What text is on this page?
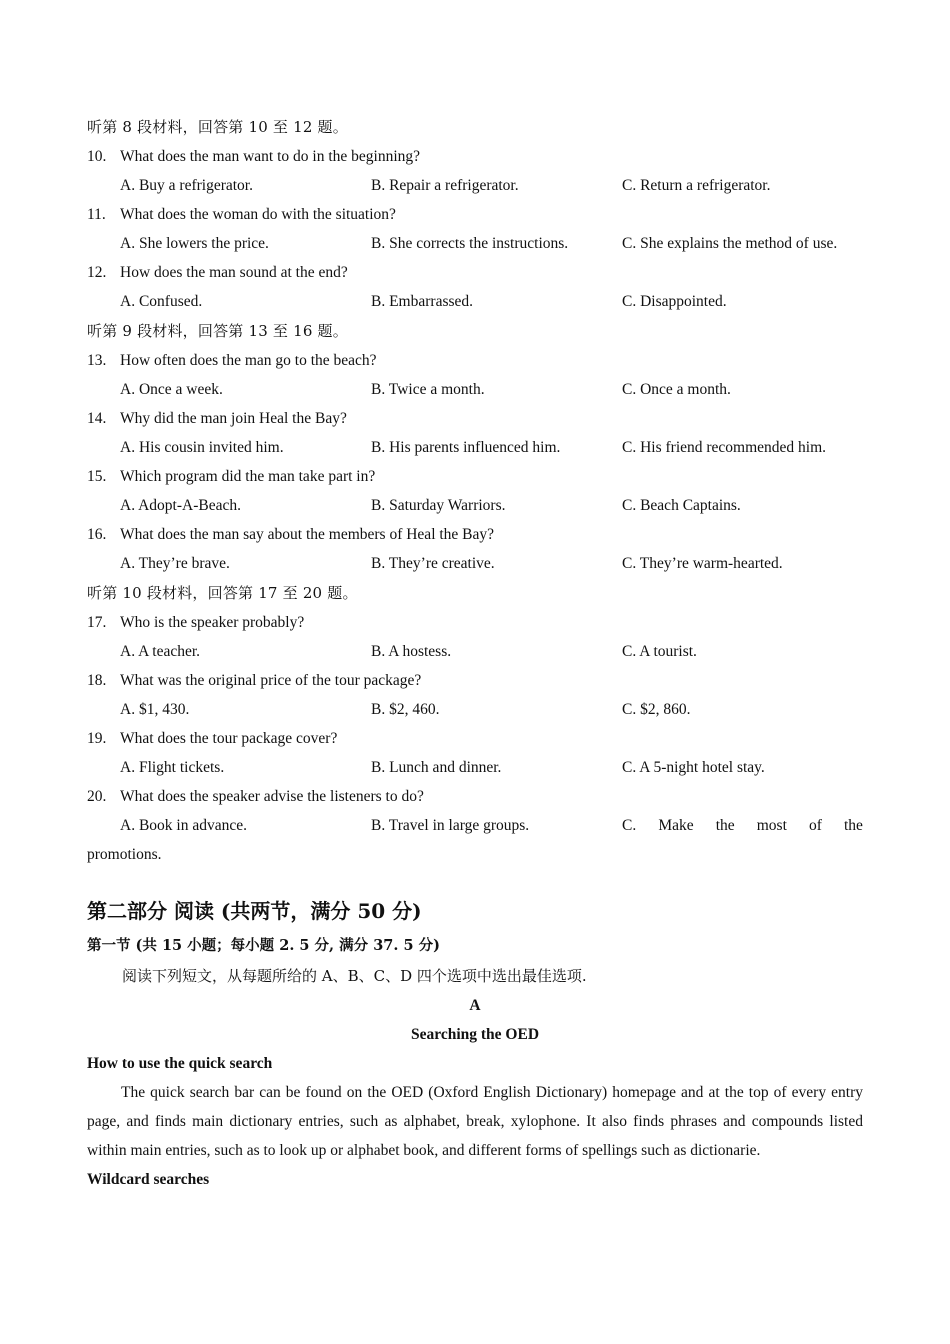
听第 8 段材料，回答第 10 至 12 题。
10. What does the man want to do in the beginning?
A. Buy a refrigerator.	B. Repair a refrigerator.	C. Return a refrigerator.
11. What does the woman do with the situation?
A. She lowers the price.	B. She corrects the instructions.	C. She explains the method of use.
12. How does the man sound at the end?
A. Confused.	B. Embarrassed.	C. Disappointed.
听第 9 段材料，回答第 13 至 16 题。
13. How often does the man go to the beach?
A. Once a week.	B. Twice a month.	C. Once a month.
14. Why did the man join Heal the Bay?
A. His cousin invited him.	B. His parents influenced him.	C. His friend recommended him.
15. Which program did the man take part in?
A. Adopt-A-Beach.	B. Saturday Warriors.	C. Beach Captains.
16. What does the man say about the members of Heal the Bay?
A. They’re brave.	B. They’re creative.	C. They’re warm-hearted.
听第 10 段材料，回答第 17 至 20 题。
17. Who is the speaker probably?
A. A teacher.	B. A hostess.	C. A tourist.
18. What was the original price of the tour package?
A. $1, 430.	B. $2, 460.	C. $2, 860.
19. What does the tour package cover?
A. Flight tickets.	B. Lunch and dinner.	C. A 5-night hotel stay.
20. What does the speaker advise the listeners to do?
A. Book in advance.	B. Travel in large groups.	C. Make the most of the
promotions.
第二部分 阅读 (共两节，满分 50 分)
第一节 (共 15 小题；每小题 2. 5 分, 满分 37. 5 分)
阅读下列短文，从每题所给的 A、B、C、D 四个选项中选出最佳选项.
A
Searching the OED
How to use the quick search

The quick search bar can be found on the OED (Oxford English Dictionary) homepage and at the top of every entry page, and finds main dictionary entries, such as alphabet, break, xylophone. It also finds phrases and compounds listed within main entries, such as to look up or alphabet book, and different forms of spellings such as dictionarie.

Wildcard searches
